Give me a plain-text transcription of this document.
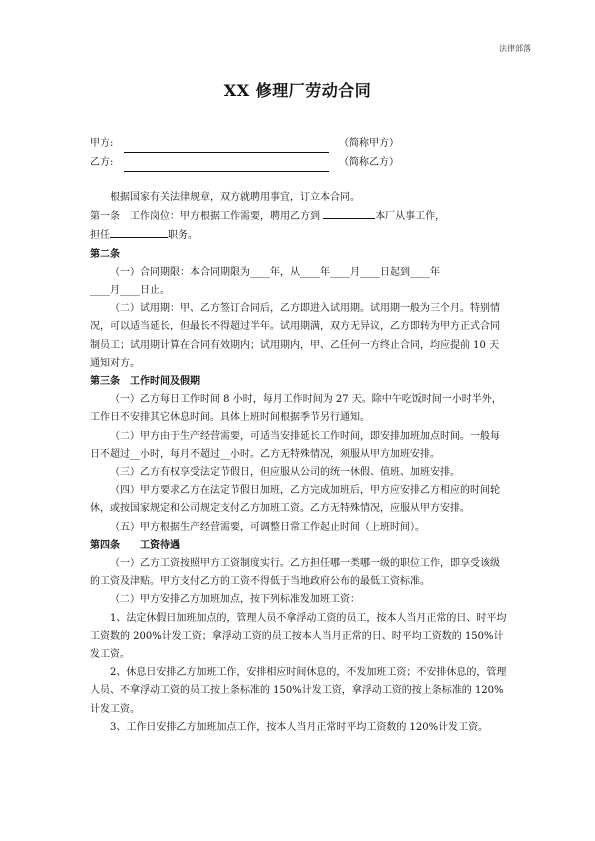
法律部落
XX 修理厂劳动合同
甲方:	（简称甲方）
乙方:	（简称乙方）

根据国家有关法律规章，双方就聘用事宜，订立本合同。

第一条　工作岗位：甲方根据工作需要，聘用乙方到	本厂从事工作，
担任	职务。

第二条

（一）合同期限：本合同期限为____年，从____年____月____日起到____年

____月____日止。

（二）试用期：甲、乙方签订合同后，乙方即进入试用期。试用期一般为三个月。特别情况，可以适当延长，但最长不得超过半年。试用期满，双方无异议，乙方即转为甲方正式合同制员工；试用期计算在合同有效期内；试用期内，甲、乙任何一方终止合同，均应提前 10 天通知对方。

第三条　工作时间及假期

（一）乙方每日工作时间 8 小时，每月工作时间为 27 天。除中午吃饭时间一小时半外，工作日不安排其它休息时间。具体上班时间根据季节另行通知。

（二）甲方由于生产经营需要，可适当安排延长工作时间，即安排加班加点时间。一般每日不超过__小时，每月不超过__小时。乙方无特殊情况，须服从甲方加班安排。

（三）乙方有权享受法定节假日，但应服从公司的统一休假、值班、加班安排。

（四）甲方要求乙方在法定节假日加班，乙方完成加班后，甲方应安排乙方相应的时间轮休，或按国家规定和公司规定支付乙方加班工资。乙方无特殊情况，应服从甲方安排。

（五）甲方根据生产经营需要，可调整日常工作起止时间（上班时间）。

第四条　　工资待遇

（一）乙方工资按照甲方工资制度实行。乙方担任哪一类哪一级的职位工作，即享受该级的工资及津贴。甲方支付乙方的工资不得低于当地政府公布的最低工资标准。

（二）甲方安排乙方加班加点，按下列标准发加班工资：

1、法定休假日加班加点的，管理人员不拿浮动工资的员工，按本人当月正常的日、时平均工资数的 200%计发工资；拿浮动工资的员工按本人当月正常的日、时平均工资数的 150%计发工资。

2、休息日安排乙方加班工作，安排相应时间休息的，不发加班工资；不安排休息的，管理人员、不拿浮动工资的员工按上条标准的 150%计发工资，拿浮动工资的按上条标准的 120%计发工资。

3、工作日安排乙方加班加点工作，按本人当月正常时平均工资数的 120%计发工资。
